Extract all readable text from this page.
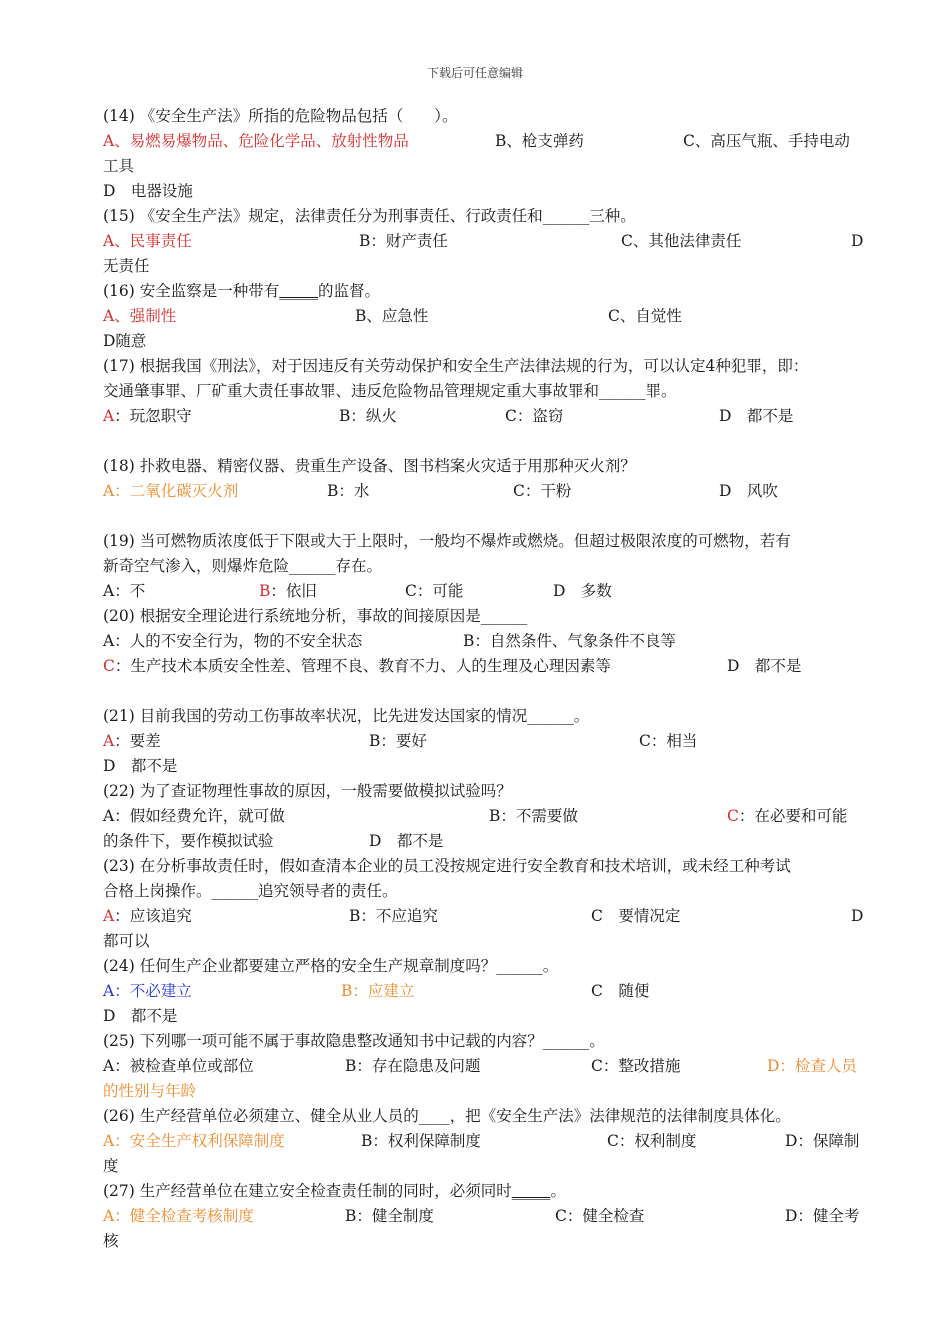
下载后可任意编辑
(14) 《安全生产法》所指的危险物品包括（　　）。
A、易燃易爆物品、危险化学品、放射性物品	B、枪支弹药	C、高压气瓶、手持电动
工具
D　电器设施
(15) 《安全生产法》规定，法律责任分为刑事责任、行政责任和______三种。
A、民事责任	B：财产责任	C、其他法律责任	D
无责任
(16) 安全监察是一种带有_____的监督。
A、强制性	B、应急性	C、自觉性
D随意
(17) 根据我国《刑法》，对于因违反有关劳动保护和安全生产法律法规的行为，可以认定4种犯罪，即：
交通肇事罪、厂矿重大责任事故罪、违反危险物品管理规定重大事故罪和______罪。
A：玩忽职守	B：纵火	C：盗窃	D　都不是
(18) 扑救电器、精密仪器、贵重生产设备、图书档案火灾适于用那种灭火剂？
A：二氧化碳灭火剂	B：水	C：干粉	D　风吹
(19) 当可燃物质浓度低于下限或大于上限时，一般均不爆炸或燃烧。但超过极限浓度的可燃物，若有
新奇空气渗入，则爆炸危险______存在。
A：不	B：依旧	C：可能	D　多数
(20) 根据安全理论进行系统地分析，事故的间接原因是______
A：人的不安全行为，物的不安全状态	B：自然条件、气象条件不良等
C：生产技术本质安全性差、管理不良、教育不力、人的生理及心理因素等	D　都不是
(21) 目前我国的劳动工伤事故率状况，比先进发达国家的情况______。
A：要差	B：要好	C：相当
D　都不是
(22) 为了查证物理性事故的原因，一般需要做模拟试验吗？
A：假如经费允许，就可做	B：不需要做	C：在必要和可能
的条件下，要作模拟试验	D　都不是
(23) 在分析事故责任时，假如查清本企业的员工没按规定进行安全教育和技术培训，或未经工种考试
合格上岗操作。______追究领导者的责任。
A：应该追究	B：不应追究	C　要情况定	D
都可以
(24) 任何生产企业都要建立严格的安全生产规章制度吗？______。
A：不必建立	B：应建立	C　随便
D　都不是
(25) 下列哪一项可能不属于事故隐患整改通知书中记载的内容？______。
A：被检查单位或部位	B：存在隐患及问题	C：整改措施	D：检查人员
的性别与年龄
(26) 生产经营单位必须建立、健全从业人员的____，把《安全生产法》法律规范的法律制度具体化。
A：安全生产权利保障制度	B：权利保障制度	C：权利制度	D：保障制
度
(27) 生产经营单位在建立安全检查责任制的同时，必须同时_____。
A：健全检查考核制度	B：健全制度	C：健全检查	D：健全考
核
